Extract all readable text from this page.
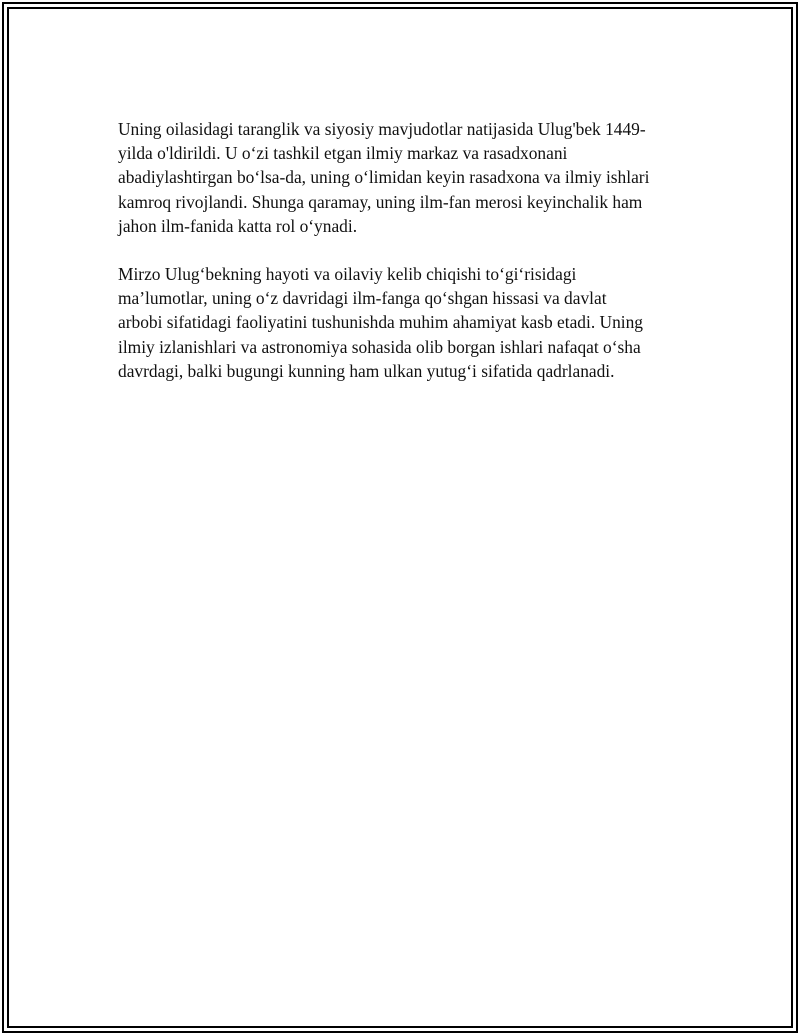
Uning oilasidagi taranglik va siyosiy mavjudotlar natijasida Ulug'bek 1449-
yilda o'ldirildi. U o‘zi tashkil etgan ilmiy markaz va rasadxonani
abadiylashtirgan bo‘lsa-da, uning o‘limidan keyin rasadxona va ilmiy ishlari
kamroq rivojlandi. Shunga qaramay, uning ilm-fan merosi keyinchalik ham
jahon ilm-fanida katta rol o‘ynadi.

Mirzo Ulug‘bekning hayoti va oilaviy kelib chiqishi to‘gi‘risidagi
ma’lumotlar, uning o‘z davridagi ilm-fanga qo‘shgan hissasi va davlat
arbobi sifatidagi faoliyatini tushunishda muhim ahamiyat kasb etadi. Uning
ilmiy izlanishlari va astronomiya sohasida olib borgan ishlari nafaqat o‘sha
davrdagi, balki bugungi kunning ham ulkan yutug‘i sifatida qadrlanadi.
